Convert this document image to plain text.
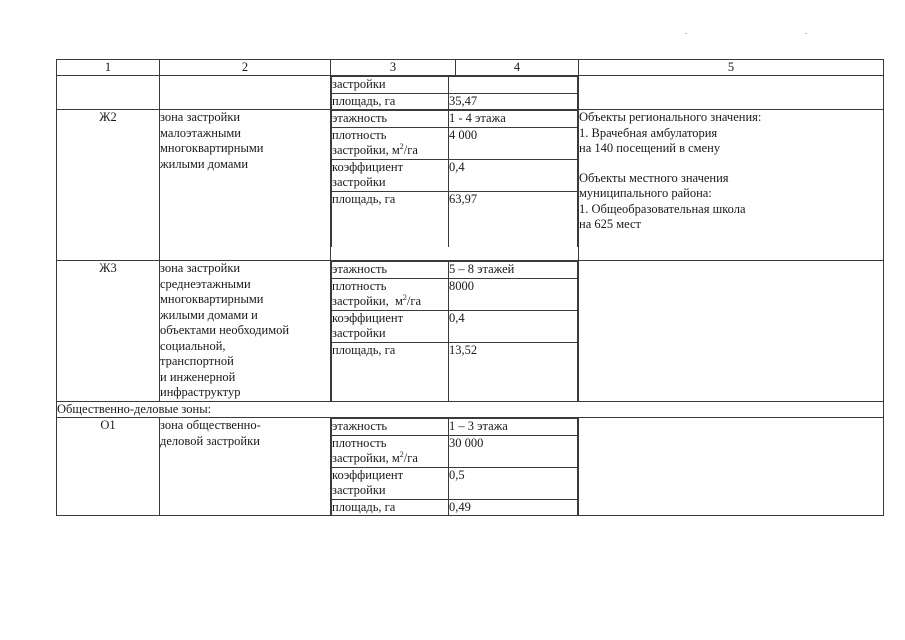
1	2	3	4	5

застройки	
площадь, га	35,47

Ж2	зона застройки
малоэтажными
многоквартирными
жилыми домами

этажность	1 - 4 этажа

плотность
застройки, $м^2/га$
	4 000

коэффициент
застройки
	0,4
площадь, га	63,97

Объекты регионального значения:

1. Врачебная амбулатория

на 140 посещений в смену

Объекты местного значения

муниципального района:

1. Общеобразовательная школа

на 625 мест

Ж3	зона застройки
среднеэтажными
многоквартирными
жилыми домами и
объектами необходимой
социальной,
транспортной
и инженерной
инфраструктур

этажность	5 – 8 этажей

плотность
застройки,  $м^2/га$
	8000

коэффициент
застройки
	0,4
площадь, га	13,52

Общественно-деловые зоны:
О1	зона общественно-
деловой застройки

этажность	1 – 3 этажа

плотность
застройки, $м^2/га$
	30 000

коэффициент
застройки
	0,5
площадь, га	0,49
